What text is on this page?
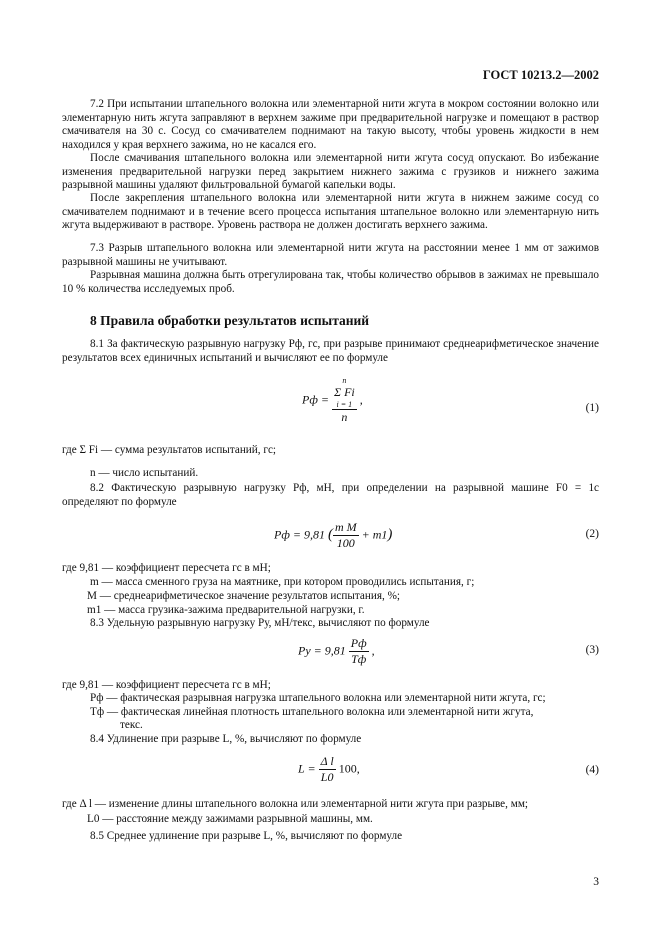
ГОСТ 10213.2—2002
7.2 При испытании штапельного волокна или элементарной нити жгута в мокром состоянии волокно или элементарную нить жгута заправляют в верхнем зажиме при предварительной нагрузке и помещают в раствор смачивателя на 30 с. Сосуд со смачивателем поднимают на такую высоту, чтобы уровень жидкости в нем находился у края верхнего зажима, но не касался его.
После смачивания штапельного волокна или элементарной нити жгута сосуд опускают. Во избежание изменения предварительной нагрузки перед закрытием нижнего зажима с грузиков и нижнего зажима разрывной машины удаляют фильтровальной бумагой капельки воды.
После закрепления штапельного волокна или элементарной нити жгута в нижнем зажиме сосуд со смачивателем поднимают и в течение всего процесса испытания штапельное волокно или элементарную нить жгута выдерживают в растворе. Уровень раствора не должен достигать верхнего зажима.
7.3 Разрыв штапельного волокна или элементарной нити жгута на расстоянии менее 1 мм от зажимов разрывной машины не учитывают.
Разрывная машина должна быть отрегулирована так, чтобы количество обрывов в зажимах не превышало 10 % количества исследуемых проб.
8 Правила обработки результатов испытаний
8.1 За фактическую разрывную нагрузку Pф, гс, при разрыве принимают среднеарифметическое значение результатов всех единичных испытаний и вычисляют ее по формуле
Pф = n
Σ Fi
i = 1
n ,
(1)
где Σ Fi — сумма результатов испытаний, гс;
n — число испытаний.
8.2 Фактическую разрывную нагрузку Pф, мН, при определении на разрывной машине F0 = 1c определяют по формуле
Pф = 9,81 ( $\frac{\text{m M}}{100} + m1$)	(2)
где 9,81 — коэффициент пересчета гс в мН;
m — масса сменного груза на маятнике, при котором проводились испытания, г;
M — среднеарифметическое значение результатов испытания, %;
m1 — масса грузика-зажима предварительной нагрузки, г.
8.3 Удельную разрывную нагрузку Pу, мН/текс, вычисляют по формуле
Pу = $9,81 \frac{Pф}{Tф}$ ,	(3)
где 9,81 — коэффициент пересчета гс в мН;
Pф — фактическая разрывная нагрузка штапельного волокна или элементарной нити жгута, гс;
Tф — фактическая линейная плотность штапельного волокна или элементарной нити жгута,
текс.
8.4 Удлинение при разрыве L, %, вычисляют по формуле
$L = \frac{\text{Δ l}}{L0} 100$,	(4)
где Δ l — изменение длины штапельного волокна или элементарной нити жгута при разрыве, мм;
L0 — расстояние между зажимами разрывной машины, мм.
8.5 Среднее удлинение при разрыве L, %, вычисляют по формуле
3
